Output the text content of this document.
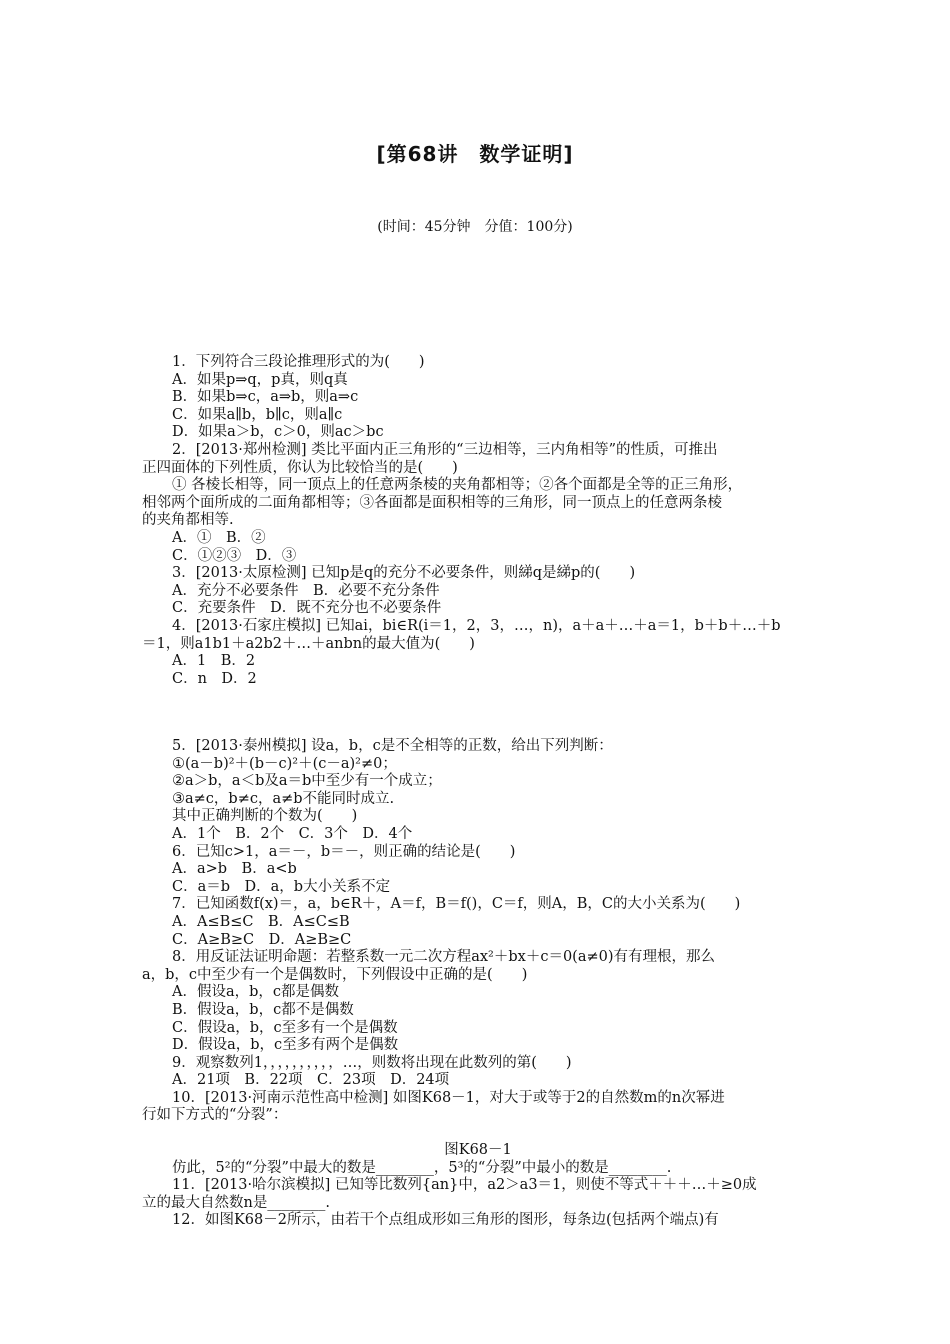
[第68讲　数学证明]
(时间：45分钟　分值：100分)

1．下列符合三段论推理形式的为(　　)

A．如果p⇒q，p真，则q真

B．如果b⇒c，a⇒b，则a⇒c

C．如果a∥b，b∥c，则a∥c

D．如果a＞b，c＞0，则ac＞bc

2．[2013·郑州检测] 类比平面内正三角形的“三边相等，三内角相等”的性质，可推出

正四面体的下列性质，你认为比较恰当的是(　　)

① 各棱长相等，同一顶点上的任意两条棱的夹角都相等；②各个面都是全等的正三角形，

相邻两个面所成的二面角都相等；③各面都是面积相等的三角形，同一顶点上的任意两条棱

的夹角都相等.

A．①　B．②

C．①②③　D．③

3．[2013·太原检测] 已知p是q的充分不必要条件，则綈q是綈p的(　　)

A．充分不必要条件　B．必要不充分条件

C．充要条件　D．既不充分也不必要条件

4．[2013·石家庄模拟] 已知ai，bi∈R(i＝1，2，3，…，n)，a＋a＋…＋a＝1，b＋b＋…＋b

＝1，则a1b1＋a2b2＋…＋anbn的最大值为(　　)

A．1　B．2

C．n　D．2

5．[2013·泰州模拟] 设a，b，c是不全相等的正数，给出下列判断：

①(a－b)²＋(b－c)²＋(c－a)²≠0；

②a＞b，a＜b及a＝b中至少有一个成立；

③a≠c，b≠c，a≠b不能同时成立.

其中正确判断的个数为(　　)

A．1个　B．2个　C．3个　D．4个

6．已知c>1，a＝－，b＝－，则正确的结论是(　　)

A．a>b　B．a<b

C．a＝b　D．a，b大小关系不定

7．已知函数f(x)＝，a，b∈R＋，A＝f，B＝f()，C＝f，则A，B，C的大小关系为(　　)

A．A≤B≤C　B．A≤C≤B

C．A≥B≥C　D．A≥B≥C

8．用反证法证明命题：若整系数一元二次方程ax²＋bx＋c＝0(a≠0)有有理根，那么

a，b，c中至少有一个是偶数时，下列假设中正确的是(　　)

A．假设a，b，c都是偶数

B．假设a，b，c都不是偶数

C．假设a，b，c至多有一个是偶数

D．假设a，b，c至多有两个是偶数

9．观察数列1，，，，，，，，，，…，则数将出现在此数列的第(　　)

A．21项　B．22项　C．23项　D．24项

10．[2013·河南示范性高中检测] 如图K68－1，对大于或等于2的自然数m的n次幂进

行如下方式的“分裂”：

图K68－1

仿此，5²的“分裂”中最大的数是________，5³的“分裂”中最小的数是________.

11．[2013·哈尔滨模拟] 已知等比数列{an}中，a2＞a3＝1，则使不等式＋＋＋…＋≥0成

立的最大自然数n是________.

12．如图K68－2所示，由若干个点组成形如三角形的图形，每条边(包括两个端点)有
